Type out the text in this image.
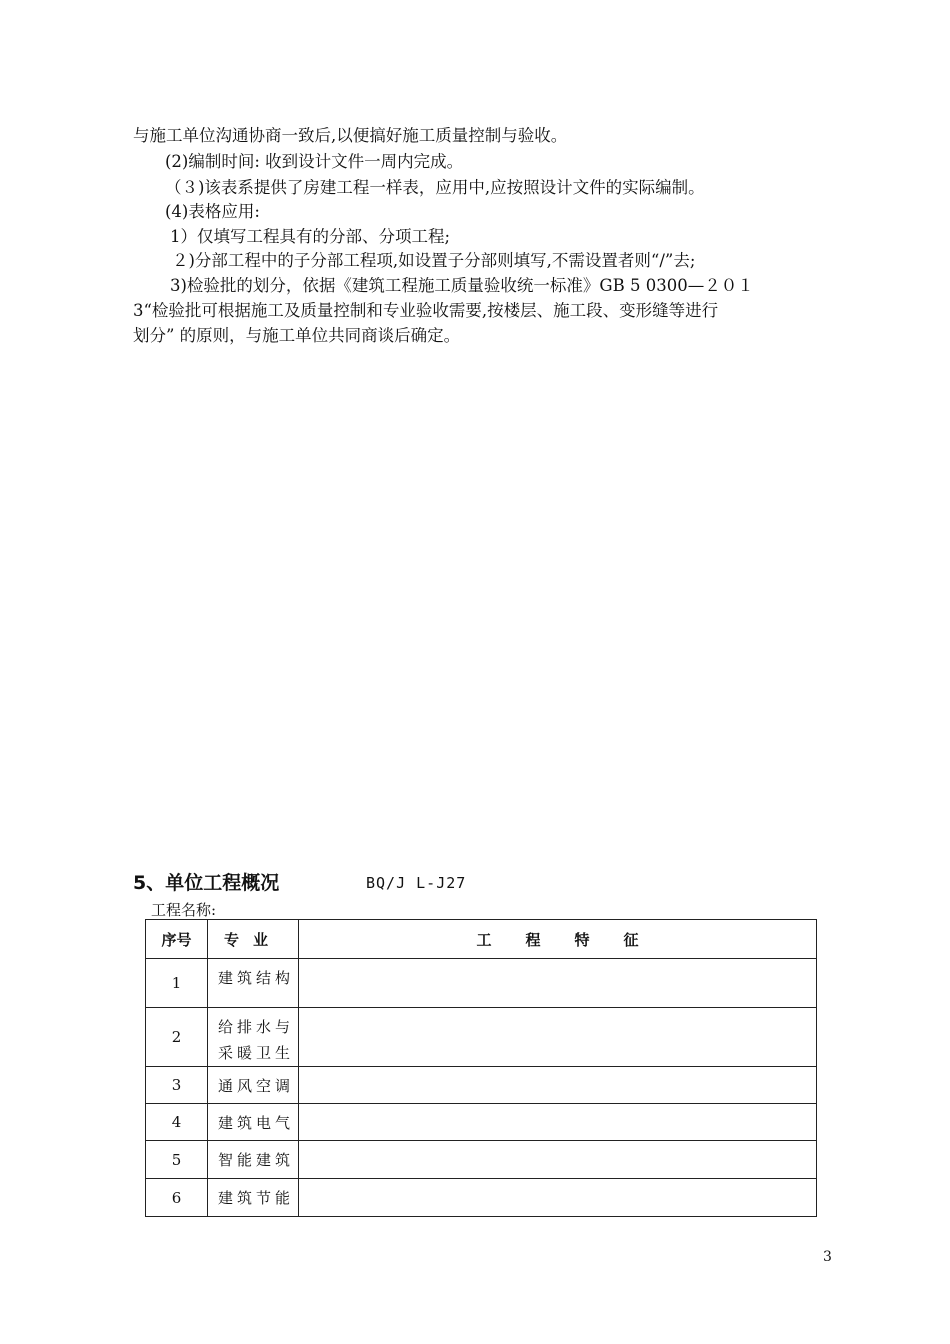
与施工单位沟通协商一致后,以便搞好施工质量控制与验收。
(2)编制时间: 收到设计文件一周内完成。
（３)该表系提供了房建工程一样表，应用中,应按照设计文件的实际编制。
(4)表格应用:
1）仅填写工程具有的分部、分项工程;
２)分部工程中的子分部工程项,如设置子分部则填写,不需设置者则“/”去;
3)检验批的划分，依据《建筑工程施工质量验收统一标准》GB 5 0300—２０１
3“检验批可根据施工及质量控制和专业验收需要,按楼层、施工段、变形缝等进行
划分” 的原则，与施工单位共同商谈后确定。
5、单位工程概况	BQ/J L-J27
工程名称:
序号	专业	工程特征
1	建筑结构	

2	给排水与
采暖卫生	

3	通风空调	

4	建筑电气	

5	智能建筑	

6	建筑节能	

3
